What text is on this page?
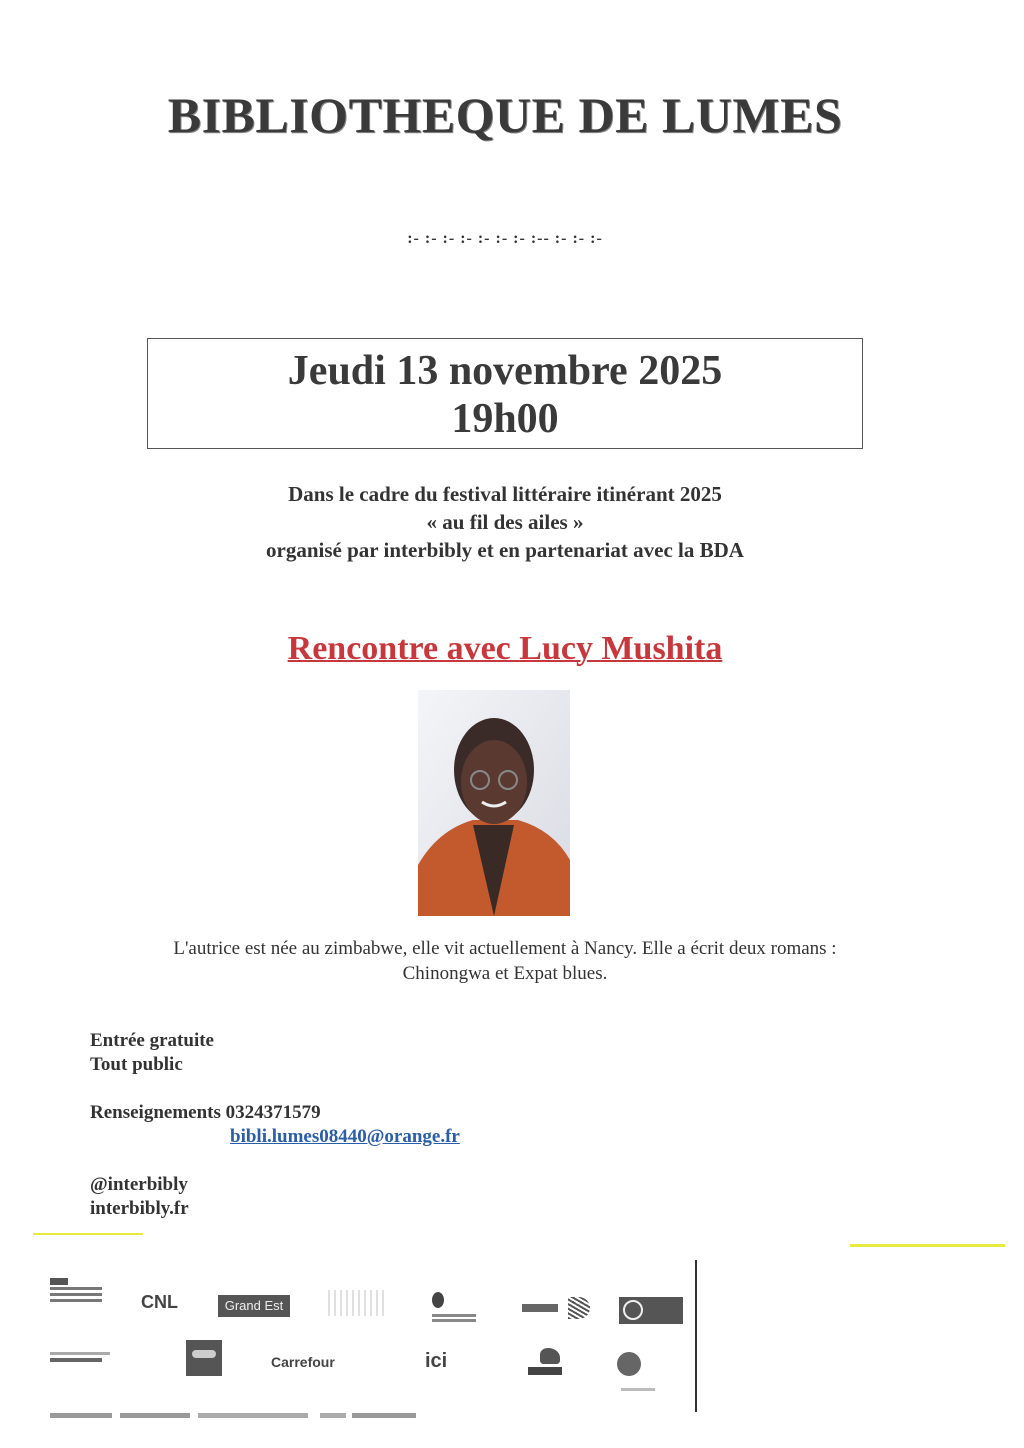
BIBLIOTHEQUE DE LUMES
:- :- :- :- :- :- :- :-- :- :- :-
Jeudi 13 novembre 2025
19h00
Dans le cadre du festival littéraire itinérant 2025
« au fil des ailes »
organisé par interbibly et en partenariat avec la BDA
Rencontre avec Lucy Mushita
L'autrice est née au zimbabwe, elle vit actuellement à Nancy. Elle a écrit deux romans :
Chinongwa et Expat blues.
Entrée gratuite
Tout public
Renseignements 0324371579
bibli.lumes08440@orange.fr
@interbibly
interbibly.fr
CNL	Grand Est

Carrefour	ici
